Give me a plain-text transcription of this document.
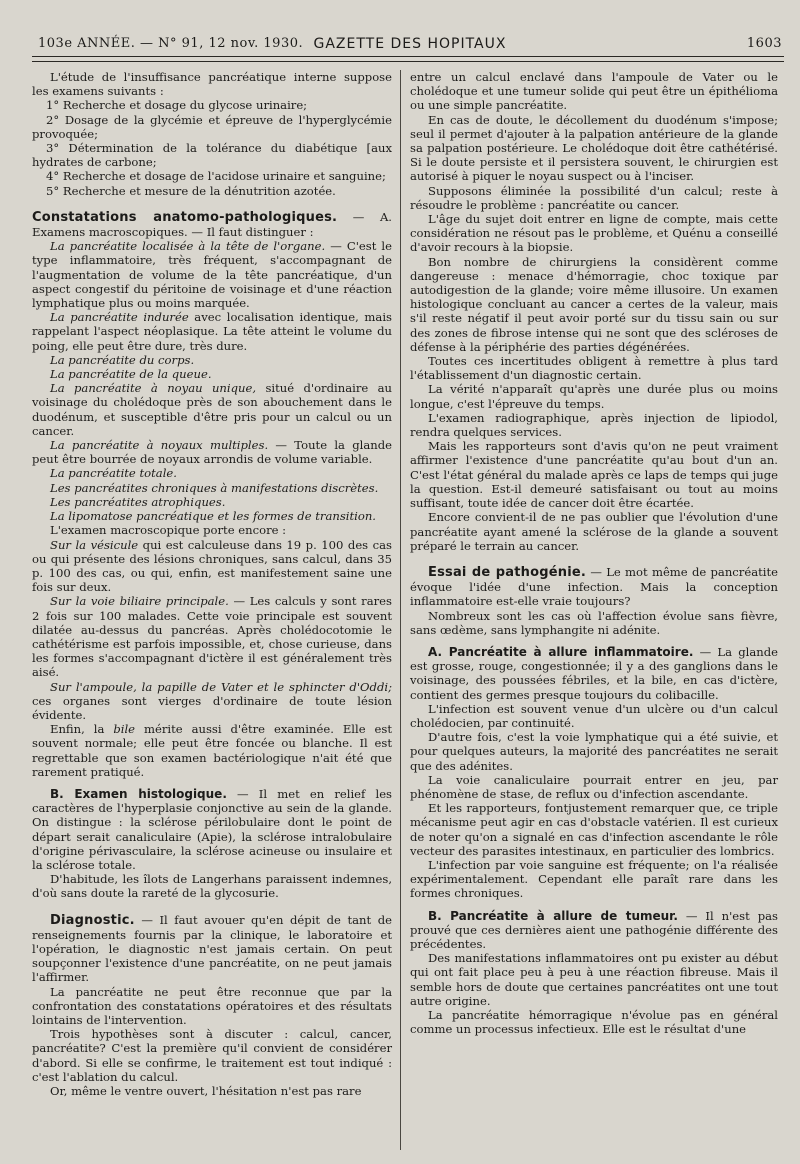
103e ANNÉE. — N° 91, 12 nov. 1930. GAZETTE DES HOPITAUX	1603

L'étude de l'insuffisance pancréatique interne suppose les examens suivants :

1° Recherche et dosage du glycose urinaire;

2° Dosage de la glycémie et épreuve de l'hyperglycémie provoquée;

3° Détermination de la tolérance du diabétique [aux hydrates de carbone;

4° Recherche et dosage de l'acidose urinaire et sanguine;

5° Recherche et mesure de la dénutrition azotée.

Constatations anatomo-pathologiques. — A. Examens macroscopiques. — Il faut distinguer :

La pancréatite localisée à la tête de l'organe. — C'est le type inflammatoire, très fréquent, s'accompagnant de l'augmentation de volume de la tête pancréatique, d'un aspect congestif du péritoine de voisinage et d'une réaction lymphatique plus ou moins marquée.

La pancréatite indurée avec localisation identique, mais rappelant l'aspect néoplasique. La tête atteint le volume du poing, elle peut être dure, très dure.

La pancréatite du corps.

La pancréatite de la queue.

La pancréatite à noyau unique, situé d'ordinaire au voisinage du cholédoque près de son abouchement dans le duodénum, et susceptible d'être pris pour un calcul ou un cancer.

La pancréatite à noyaux multiples. — Toute la glande peut être bourrée de noyaux arrondis de volume variable.

La pancréatite totale.

Les pancréatites chroniques à manifestations discrètes.

Les pancréatites atrophiques.

La lipomatose pancréatique et les formes de transition.

L'examen macroscopique porte encore :

Sur la vésicule qui est calculeuse dans 19 p. 100 des cas ou qui présente des lésions chroniques, sans calcul, dans 35 p. 100 des cas, ou qui, enfin, est manifestement saine une fois sur deux.

Sur la voie biliaire principale. — Les calculs y sont rares 2 fois sur 100 malades. Cette voie principale est souvent dilatée au-dessus du pancréas. Après cholédocotomie le cathétérisme est parfois impossible, et, chose curieuse, dans les formes s'accompagnant d'ictère il est généralement très aisé.

Sur l'ampoule, la papille de Vater et le sphincter d'Oddi; ces organes sont vierges d'ordinaire de toute lésion évidente.

Enfin, la bile mérite aussi d'être examinée. Elle est souvent normale; elle peut être foncée ou blanche. Il est regrettable que son examen bactériologique n'ait été que rarement pratiqué.

B. Examen histologique. — Il met en relief les caractères de l'hyperplasie conjonctive au sein de la glande. On distingue : la sclérose périlobulaire dont le point de départ serait canaliculaire (Apie), la sclérose intralobulaire d'origine périvasculaire, la sclérose acineuse ou insulaire et la sclérose totale.

D'habitude, les îlots de Langerhans paraissent indemnes, d'où sans doute la rareté de la glycosurie.

Diagnostic. — Il faut avouer qu'en dépit de tant de renseignements fournis par la clinique, le laboratoire et l'opération, le diagnostic n'est jamais certain. On peut soupçonner l'existence d'une pancréatite, on ne peut jamais l'affirmer.

La pancréatite ne peut être reconnue que par la confrontation des constatations opératoires et des résultats lointains de l'intervention.

Trois hypothèses sont à discuter : calcul, cancer, pancréatite? C'est la première qu'il convient de considérer d'abord. Si elle se confirme, le traitement est tout indiqué : c'est l'ablation du calcul.

Or, même le ventre ouvert, l'hésitation n'est pas rare

entre un calcul enclavé dans l'ampoule de Vater ou le cholédoque et une tumeur solide qui peut être un épithélioma ou une simple pancréatite.

En cas de doute, le décollement du duodénum s'impose; seul il permet d'ajouter à la palpation antérieure de la glande sa palpation postérieure. Le cholédoque doit être cathétérisé. Si le doute persiste et il persistera souvent, le chirurgien est autorisé à piquer le noyau suspect ou à l'inciser.

Supposons éliminée la possibilité d'un calcul; reste à résoudre le problème : pancréatite ou cancer.

L'âge du sujet doit entrer en ligne de compte, mais cette considération ne résout pas le problème, et Quénu a conseillé d'avoir recours à la biopsie.

Bon nombre de chirurgiens la considèrent comme dangereuse : menace d'hémorragie, choc toxique par autodigestion de la glande; voire même illusoire. Un examen histologique concluant au cancer a certes de la valeur, mais s'il reste négatif il peut avoir porté sur du tissu sain ou sur des zones de fibrose intense qui ne sont que des scléroses de défense à la périphérie des parties dégénérées.

Toutes ces incertitudes obligent à remettre à plus tard l'établissement d'un diagnostic certain.

La vérité n'apparaît qu'après une durée plus ou moins longue, c'est l'épreuve du temps.

L'examen radiographique, après injection de lipiodol, rendra quelques services.

Mais les rapporteurs sont d'avis qu'on ne peut vraiment affirmer l'existence d'une pancréatite qu'au bout d'un an. C'est l'état général du malade après ce laps de temps qui juge la question. Est-il demeuré satisfaisant ou tout au moins suffisant, toute idée de cancer doit être écartée.

Encore convient-il de ne pas oublier que l'évolution d'une pancréatite ayant amené la sclérose de la glande a souvent préparé le terrain au cancer.

Essai de pathogénie. — Le mot même de pancréatite évoque l'idée d'une infection. Mais la conception inflammatoire est-elle vraie toujours?

Nombreux sont les cas où l'affection évolue sans fièvre, sans œdème, sans lymphangite ni adénite.

A. Pancréatite à allure inflammatoire. — La glande est grosse, rouge, congestionnée; il y a des ganglions dans le voisinage, des poussées fébriles, et la bile, en cas d'ictère, contient des germes presque toujours du colibacille.

L'infection est souvent venue d'un ulcère ou d'un calcul cholédocien, par continuité.

D'autre fois, c'est la voie lymphatique qui a été suivie, et pour quelques auteurs, la majorité des pancréatites ne serait que des adénites.

La voie canaliculaire pourrait entrer en jeu, par phénomène de stase, de reflux ou d'infection ascendante.

Et les rapporteurs, fontjustement remarquer que, ce triple mécanisme peut agir en cas d'obstacle vatérien. Il est curieux de noter qu'on a signalé en cas d'infection ascendante le rôle vecteur des parasites intestinaux, en particulier des lombrics.

L'infection par voie sanguine est fréquente; on l'a réalisée expérimentalement. Cependant elle paraît rare dans les formes chroniques.

B. Pancréatite à allure de tumeur. — Il n'est pas prouvé que ces dernières aient une pathogénie différente des précédentes.

Des manifestations inflammatoires ont pu exister au début qui ont fait place peu à peu à une réaction fibreuse. Mais il semble hors de doute que certaines pancréatites ont une tout autre origine.

La pancréatite hémorragique n'évolue pas en général comme un processus infectieux. Elle est le résultat d'une
